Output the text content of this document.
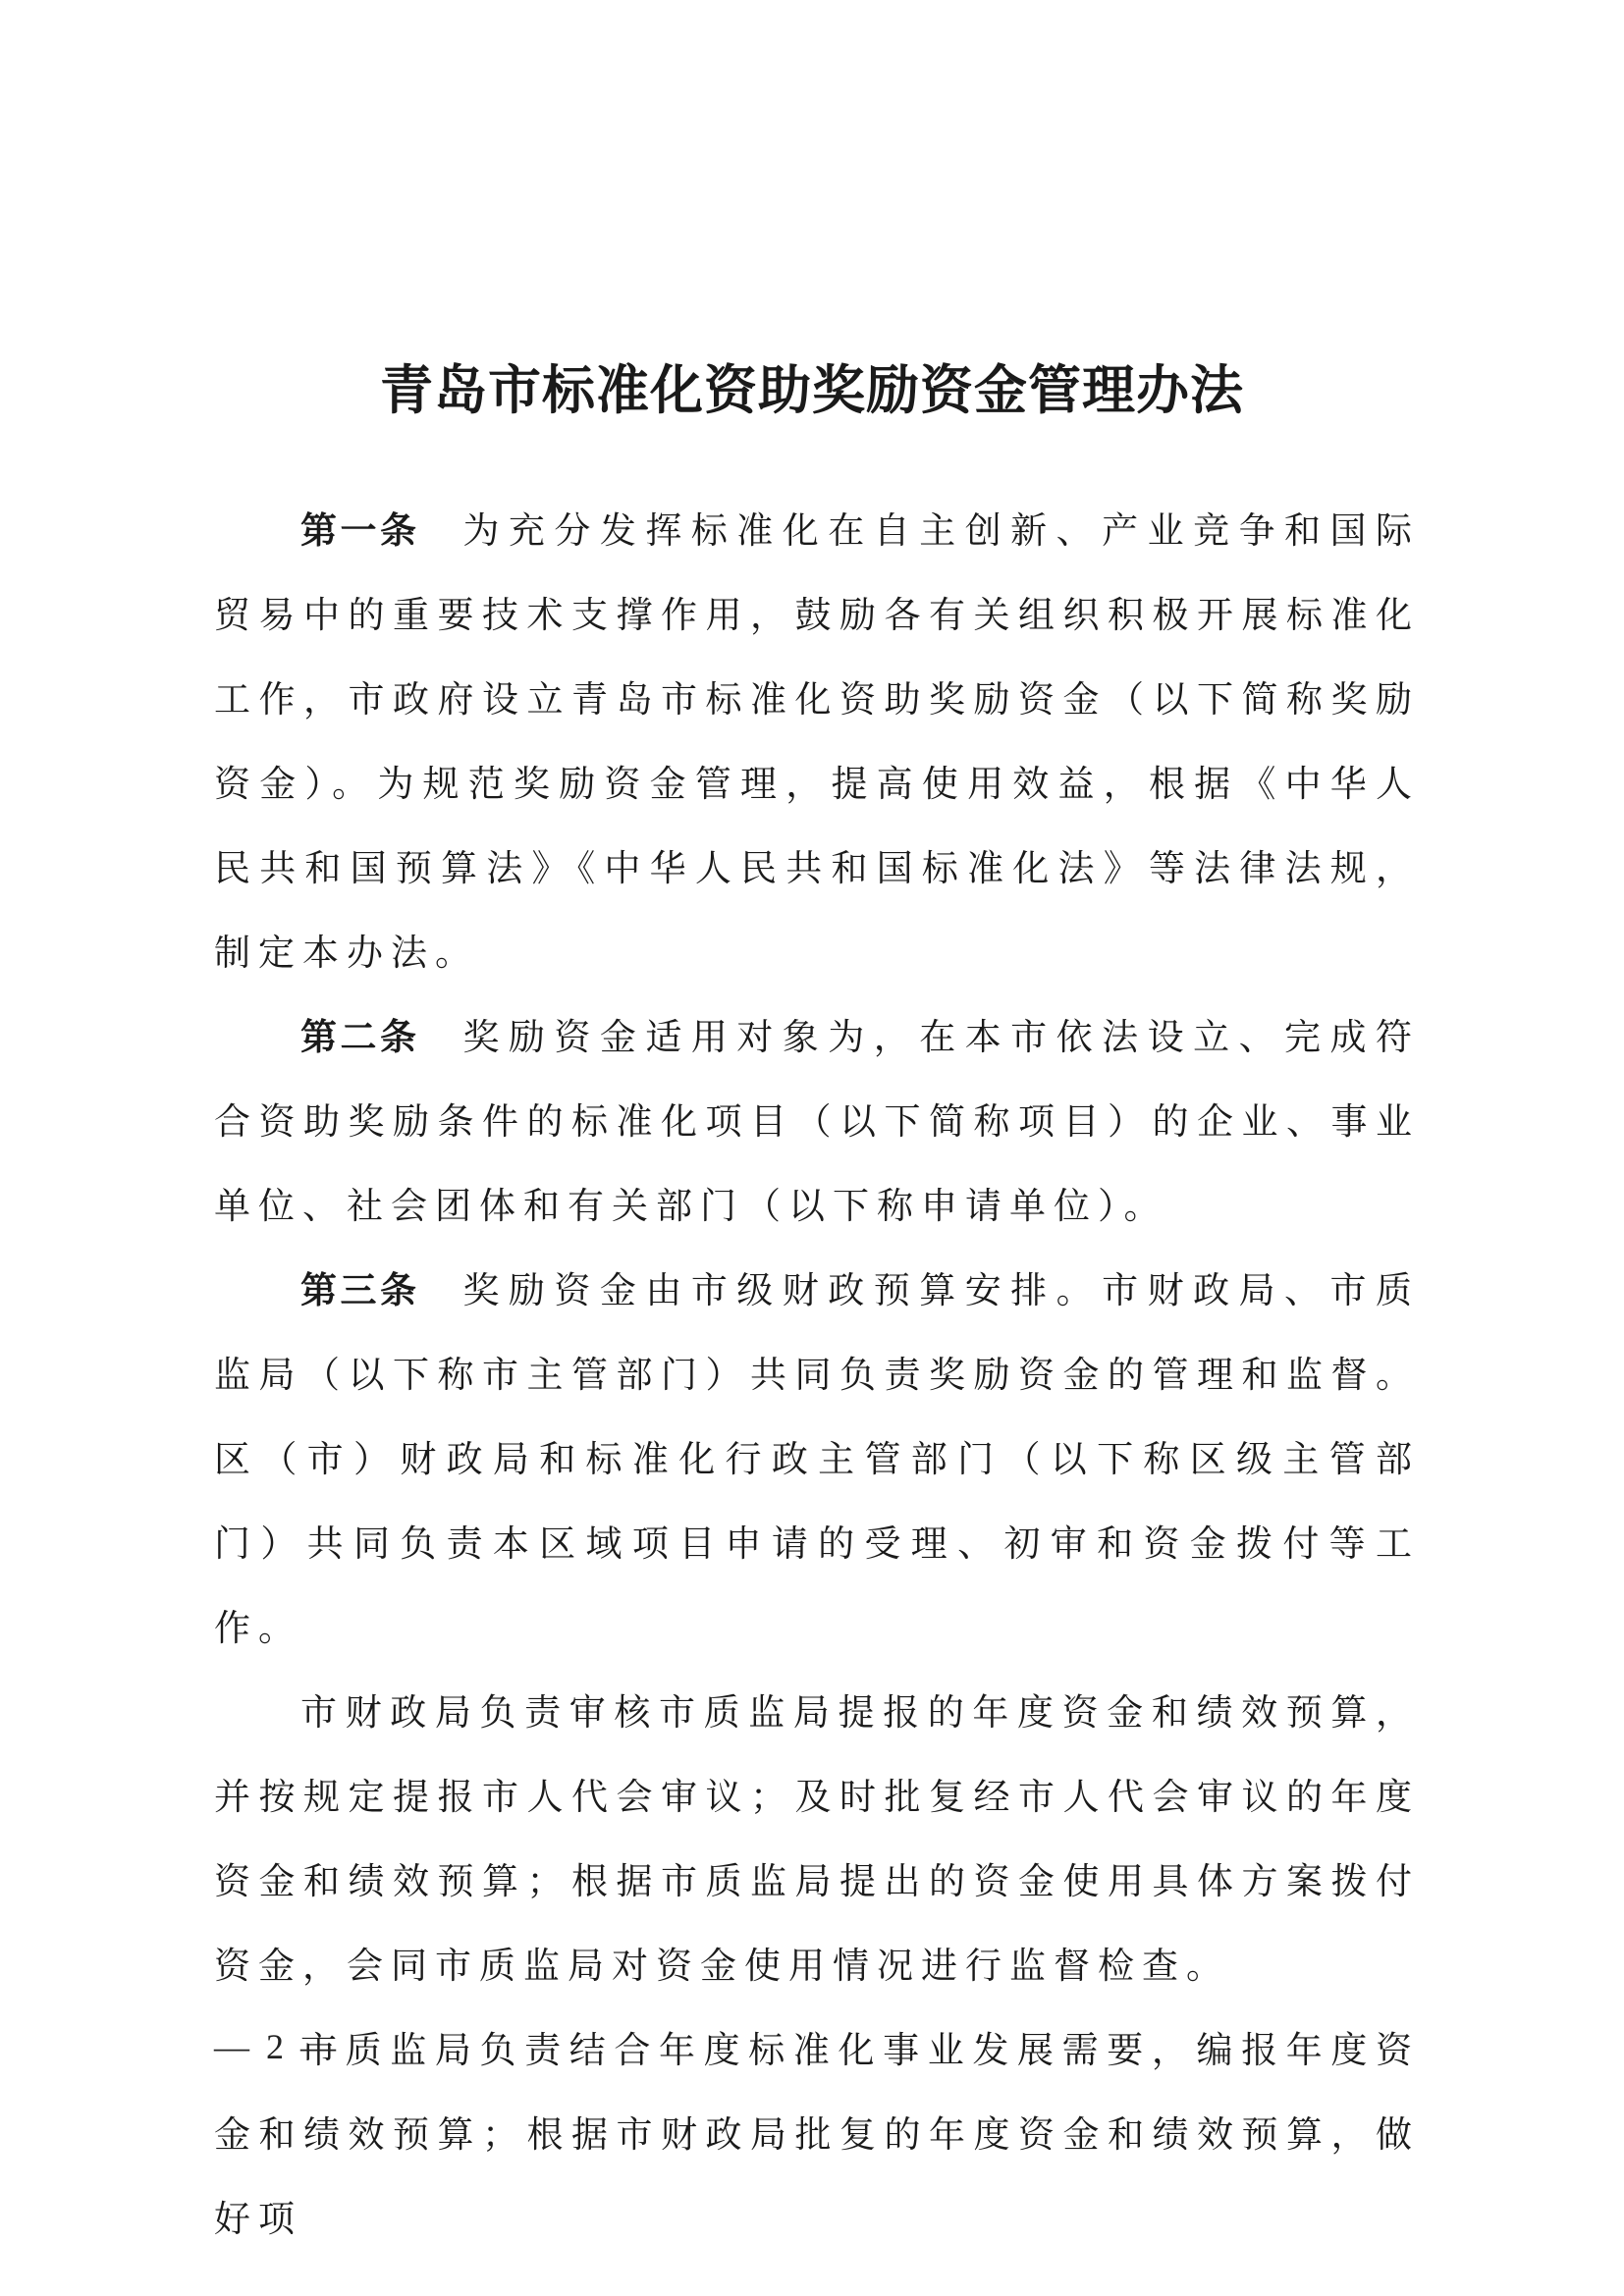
青岛市标准化资助奖励资金管理办法

第一条 为充分发挥标准化在自主创新、产业竞争和国际贸易中的重要技术支撑作用，鼓励各有关组织积极开展标准化工作，市政府设立青岛市标准化资助奖励资金（以下简称奖励资金）。为规范奖励资金管理，提高使用效益，根据《中华人民共和国预算法》《中华人民共和国标准化法》等法律法规，制定本办法。

第二条 奖励资金适用对象为，在本市依法设立、完成符合资助奖励条件的标准化项目（以下简称项目）的企业、事业单位、社会团体和有关部门（以下称申请单位）。

第三条 奖励资金由市级财政预算安排。市财政局、市质监局（以下称市主管部门）共同负责奖励资金的管理和监督。区（市）财政局和标准化行政主管部门（以下称区级主管部门）共同负责本区域项目申请的受理、初审和资金拨付等工作。

市财政局负责审核市质监局提报的年度资金和绩效预算，并按规定提报市人代会审议；及时批复经市人代会审议的年度资金和绩效预算；根据市质监局提出的资金使用具体方案拨付资金，会同市质监局对资金使用情况进行监督检查。

市质监局负责结合年度标准化事业发展需要，编报年度资金和绩效预算；根据市财政局批复的年度资金和绩效预算，做好项

— 2 —
